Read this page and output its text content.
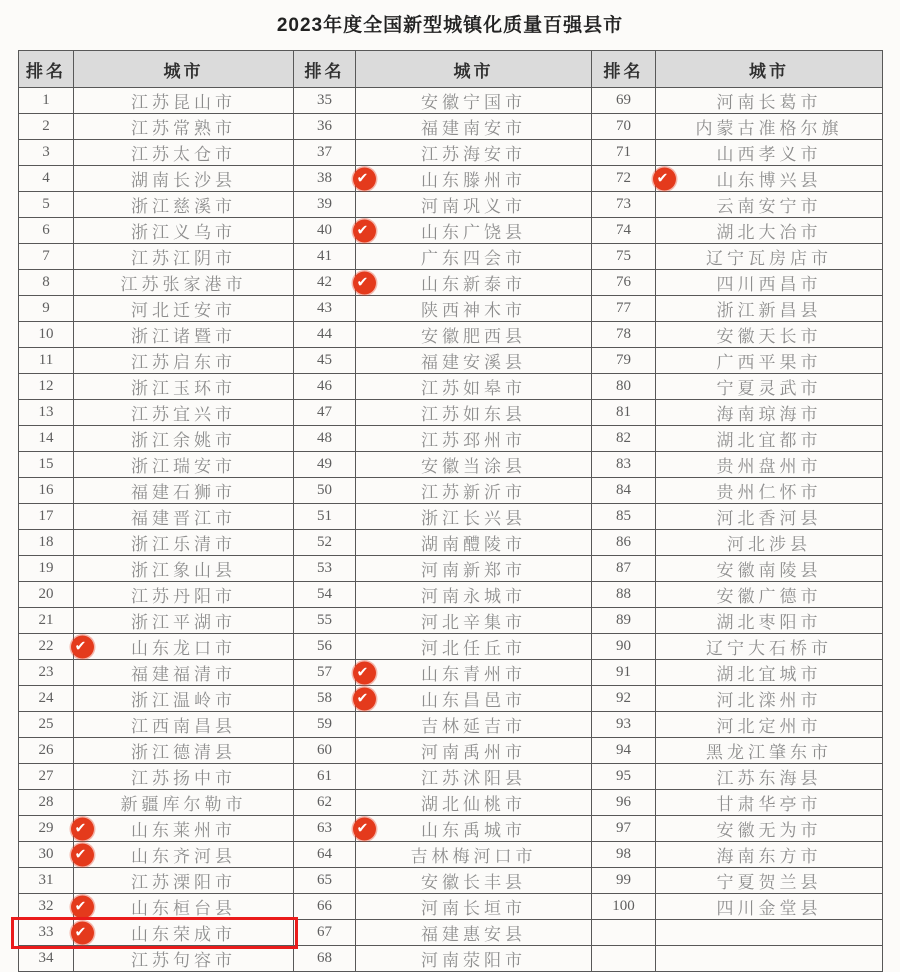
2023年度全国新型城镇化质量百强县市
排名	城市	排名	城市	排名	城市
1	江苏昆山市	35	安徽宁国市	69	河南长葛市
2	江苏常熟市	36	福建南安市	70	内蒙古准格尔旗
3	江苏太仓市	37	江苏海安市	71	山西孝义市
4	湖南长沙县	38	✔ 山东滕州市	72	✔ 山东博兴县
5	浙江慈溪市	39	河南巩义市	73	云南安宁市
6	浙江义乌市	40	✔ 山东广饶县	74	湖北大冶市
7	江苏江阴市	41	广东四会市	75	辽宁瓦房店市
8	江苏张家港市	42	✔ 山东新泰市	76	四川西昌市
9	河北迁安市	43	陕西神木市	77	浙江新昌县
10	浙江诸暨市	44	安徽肥西县	78	安徽天长市
11	江苏启东市	45	福建安溪县	79	广西平果市
12	浙江玉环市	46	江苏如皋市	80	宁夏灵武市
13	江苏宜兴市	47	江苏如东县	81	海南琼海市
14	浙江余姚市	48	江苏邳州市	82	湖北宜都市
15	浙江瑞安市	49	安徽当涂县	83	贵州盘州市
16	福建石狮市	50	江苏新沂市	84	贵州仁怀市
17	福建晋江市	51	浙江长兴县	85	河北香河县
18	浙江乐清市	52	湖南醴陵市	86	河北涉县
19	浙江象山县	53	河南新郑市	87	安徽南陵县
20	江苏丹阳市	54	河南永城市	88	安徽广德市
21	浙江平湖市	55	河北辛集市	89	湖北枣阳市
22	✔ 山东龙口市	56	河北任丘市	90	辽宁大石桥市
23	福建福清市	57	✔ 山东青州市	91	湖北宜城市
24	浙江温岭市	58	✔ 山东昌邑市	92	河北滦州市
25	江西南昌县	59	吉林延吉市	93	河北定州市
26	浙江德清县	60	河南禹州市	94	黑龙江肇东市
27	江苏扬中市	61	江苏沭阳县	95	江苏东海县
28	新疆库尔勒市	62	湖北仙桃市	96	甘肃华亭市
29	✔ 山东莱州市	63	✔ 山东禹城市	97	安徽无为市
30	✔ 山东齐河县	64	吉林梅河口市	98	海南东方市
31	江苏溧阳市	65	安徽长丰县	99	宁夏贺兰县
32	✔ 山东桓台县	66	河南长垣市	100	四川金堂县
33	✔ 山东荣成市	67	福建惠安县		
34	江苏句容市	68	河南荥阳市		
